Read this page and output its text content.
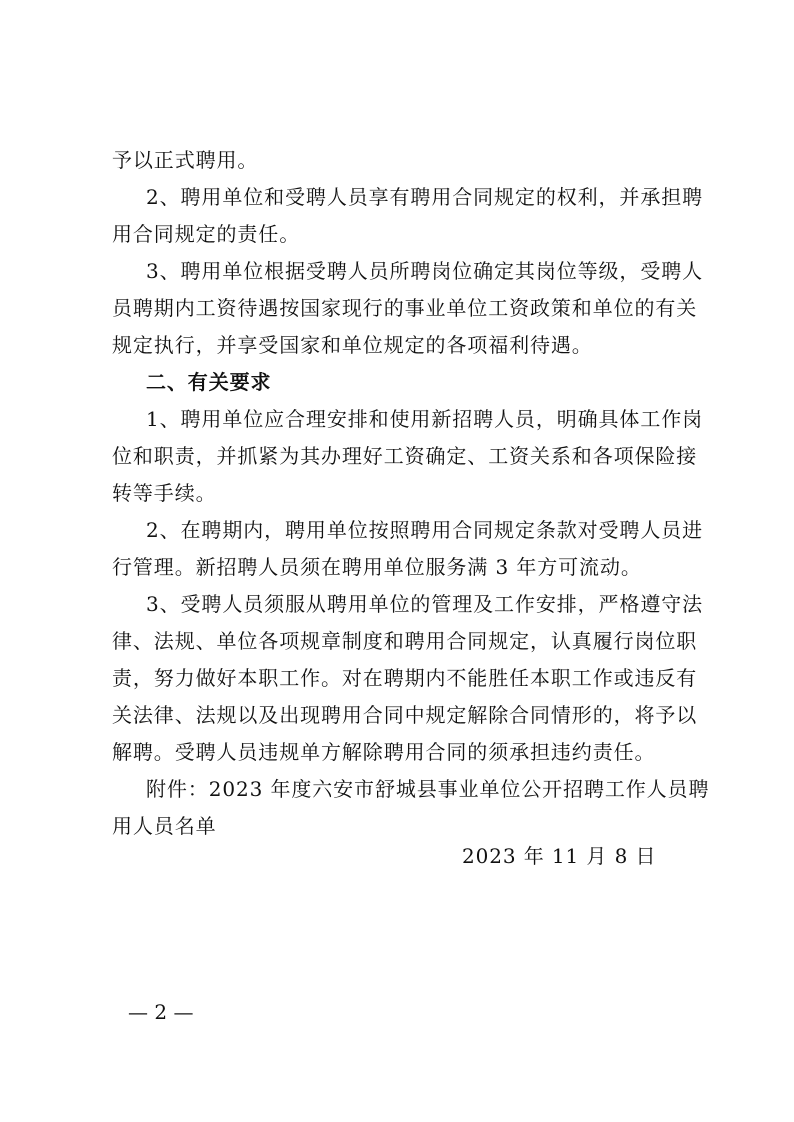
予以正式聘用。
2、聘用单位和受聘人员享有聘用合同规定的权利，并承担聘
用合同规定的责任。
3、聘用单位根据受聘人员所聘岗位确定其岗位等级，受聘人
员聘期内工资待遇按国家现行的事业单位工资政策和单位的有关
规定执行，并享受国家和单位规定的各项福利待遇。
二、有关要求
1、聘用单位应合理安排和使用新招聘人员，明确具体工作岗
位和职责，并抓紧为其办理好工资确定、工资关系和各项保险接
转等手续。
2、在聘期内，聘用单位按照聘用合同规定条款对受聘人员进
行管理。新招聘人员须在聘用单位服务满 3 年方可流动。
3、受聘人员须服从聘用单位的管理及工作安排，严格遵守法
律、法规、单位各项规章制度和聘用合同规定，认真履行岗位职
责，努力做好本职工作。对在聘期内不能胜任本职工作或违反有
关法律、法规以及出现聘用合同中规定解除合同情形的，将予以
解聘。受聘人员违规单方解除聘用合同的须承担违约责任。
附件：2023 年度六安市舒城县事业单位公开招聘工作人员聘
用人员名单
2023 年 11 月 8 日
— 2 —
